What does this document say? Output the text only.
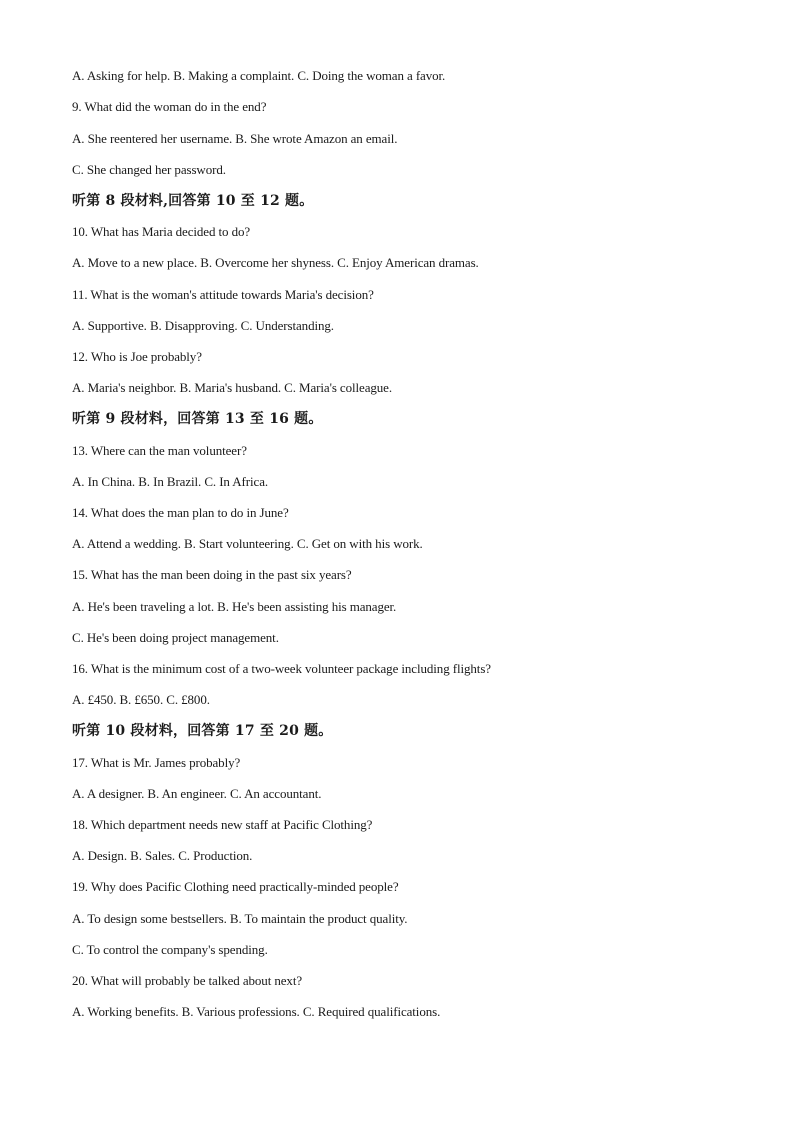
A. Asking for help. B. Making a complaint. C. Doing the woman a favor.
9. What did the woman do in the end?
A. She reentered her username. B. She wrote Amazon an email.
C. She changed her password.
听第 8 段材料,回答第 10 至 12 题。
10. What has Maria decided to do?
A. Move to a new place. B. Overcome her shyness. C. Enjoy American dramas.
11. What is the woman's attitude towards Maria's decision?
A. Supportive. B. Disapproving. C. Understanding.
12. Who is Joe probably?
A. Maria's neighbor. B. Maria's husband. C. Maria's colleague.
听第 9 段材料，回答第 13 至 16 题。
13. Where can the man volunteer?
A. In China. B. In Brazil. C. In Africa.
14. What does the man plan to do in June?
A. Attend a wedding. B. Start volunteering. C. Get on with his work.
15. What has the man been doing in the past six years?
A. He's been traveling a lot. B. He's been assisting his manager.
C. He's been doing project management.
16. What is the minimum cost of a two-week volunteer package including flights?
A. £450. B. £650. C. £800.
听第 10 段材料，回答第 17 至 20 题。
17. What is Mr. James probably?
A. A designer. B. An engineer. C. An accountant.
18. Which department needs new staff at Pacific Clothing?
A. Design. B. Sales. C. Production.
19. Why does Pacific Clothing need practically-minded people?
A. To design some bestsellers. B. To maintain the product quality.
C. To control the company's spending.
20. What will probably be talked about next?
A. Working benefits. B. Various professions. C. Required qualifications.
